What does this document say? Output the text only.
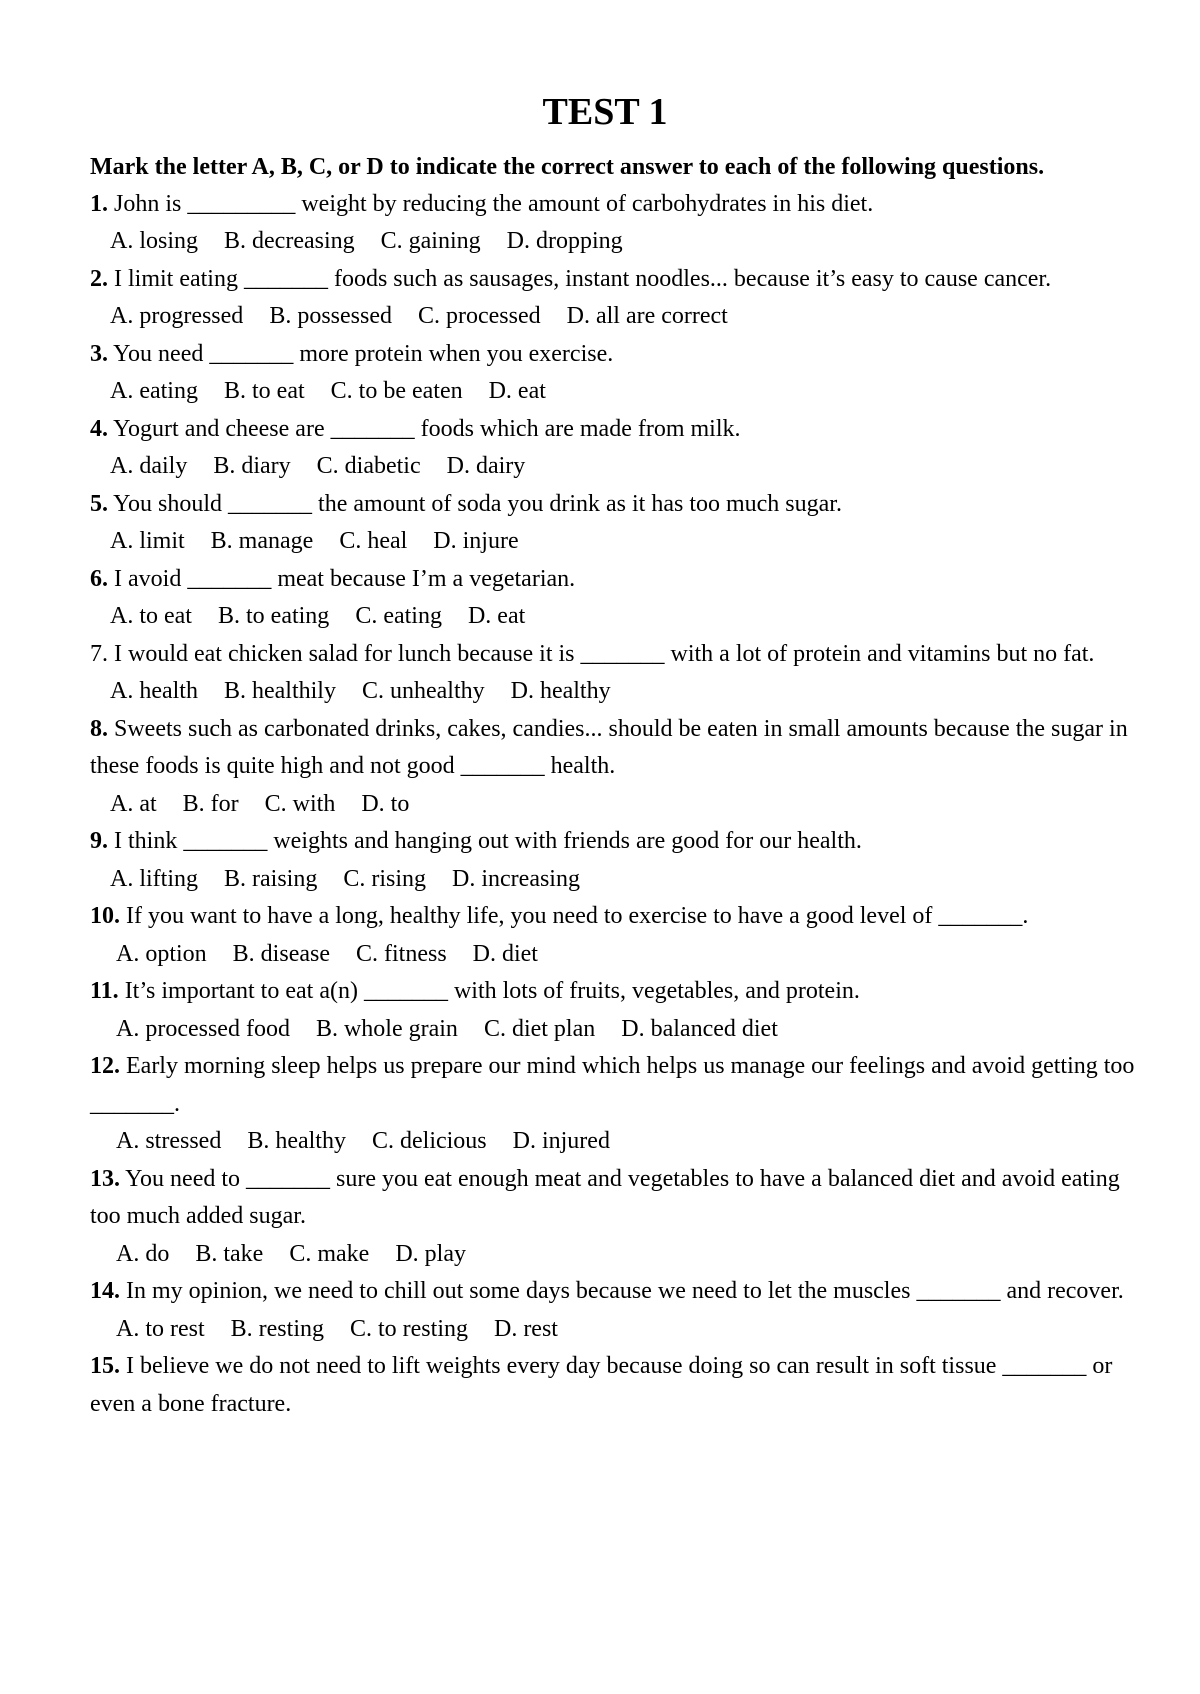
TEST 1

Mark the letter A, B, C, or D to indicate the correct answer to each of the following questions.

1. John is _________ weight by reducing the amount of carbohydrates in his diet.

A. losing B. decreasing C. gaining D. dropping

2. I limit eating _______ foods such as sausages, instant noodles... because it’s easy to cause cancer.

A. progressed B. possessed C. processed D. all are correct

3. You need _______ more protein when you exercise.

A. eating B. to eat C. to be eaten D. eat

4. Yogurt and cheese are _______ foods which are made from milk.

A. daily B. diary C. diabetic D. dairy

5. You should _______ the amount of soda you drink as it has too much sugar.

A. limit B. manage C. heal D. injure

6. I avoid _______ meat because I’m a vegetarian.

A. to eat B. to eating C. eating D. eat

7. I would eat chicken salad for lunch because it is _______ with a lot of protein and vitamins but no fat.

A. health B. healthily C. unhealthy D. healthy

8. Sweets such as carbonated drinks, cakes, candies... should be eaten in small amounts because the sugar in these foods is quite high and not good _______ health.

A. at B. for C. with D. to

9. I think _______ weights and hanging out with friends are good for our health.

A. lifting B. raising C. rising D. increasing

10. If you want to have a long, healthy life, you need to exercise to have a good level of _______.

A. option B. disease C. fitness D. diet

11. It’s important to eat a(n) _______ with lots of fruits, vegetables, and protein.

A. processed food B. whole grain C. diet plan D. balanced diet

12. Early morning sleep helps us prepare our mind which helps us manage our feelings and avoid getting too _______.

A. stressed B. healthy C. delicious D. injured

13. You need to _______ sure you eat enough meat and vegetables to have a balanced diet and avoid eating too much added sugar.

A. do B. take C. make D. play

14. In my opinion, we need to chill out some days because we need to let the muscles _______ and recover.

A. to rest B. resting C. to resting D. rest

15. I believe we do not need to lift weights every day because doing so can result in soft tissue _______ or even a bone fracture.
